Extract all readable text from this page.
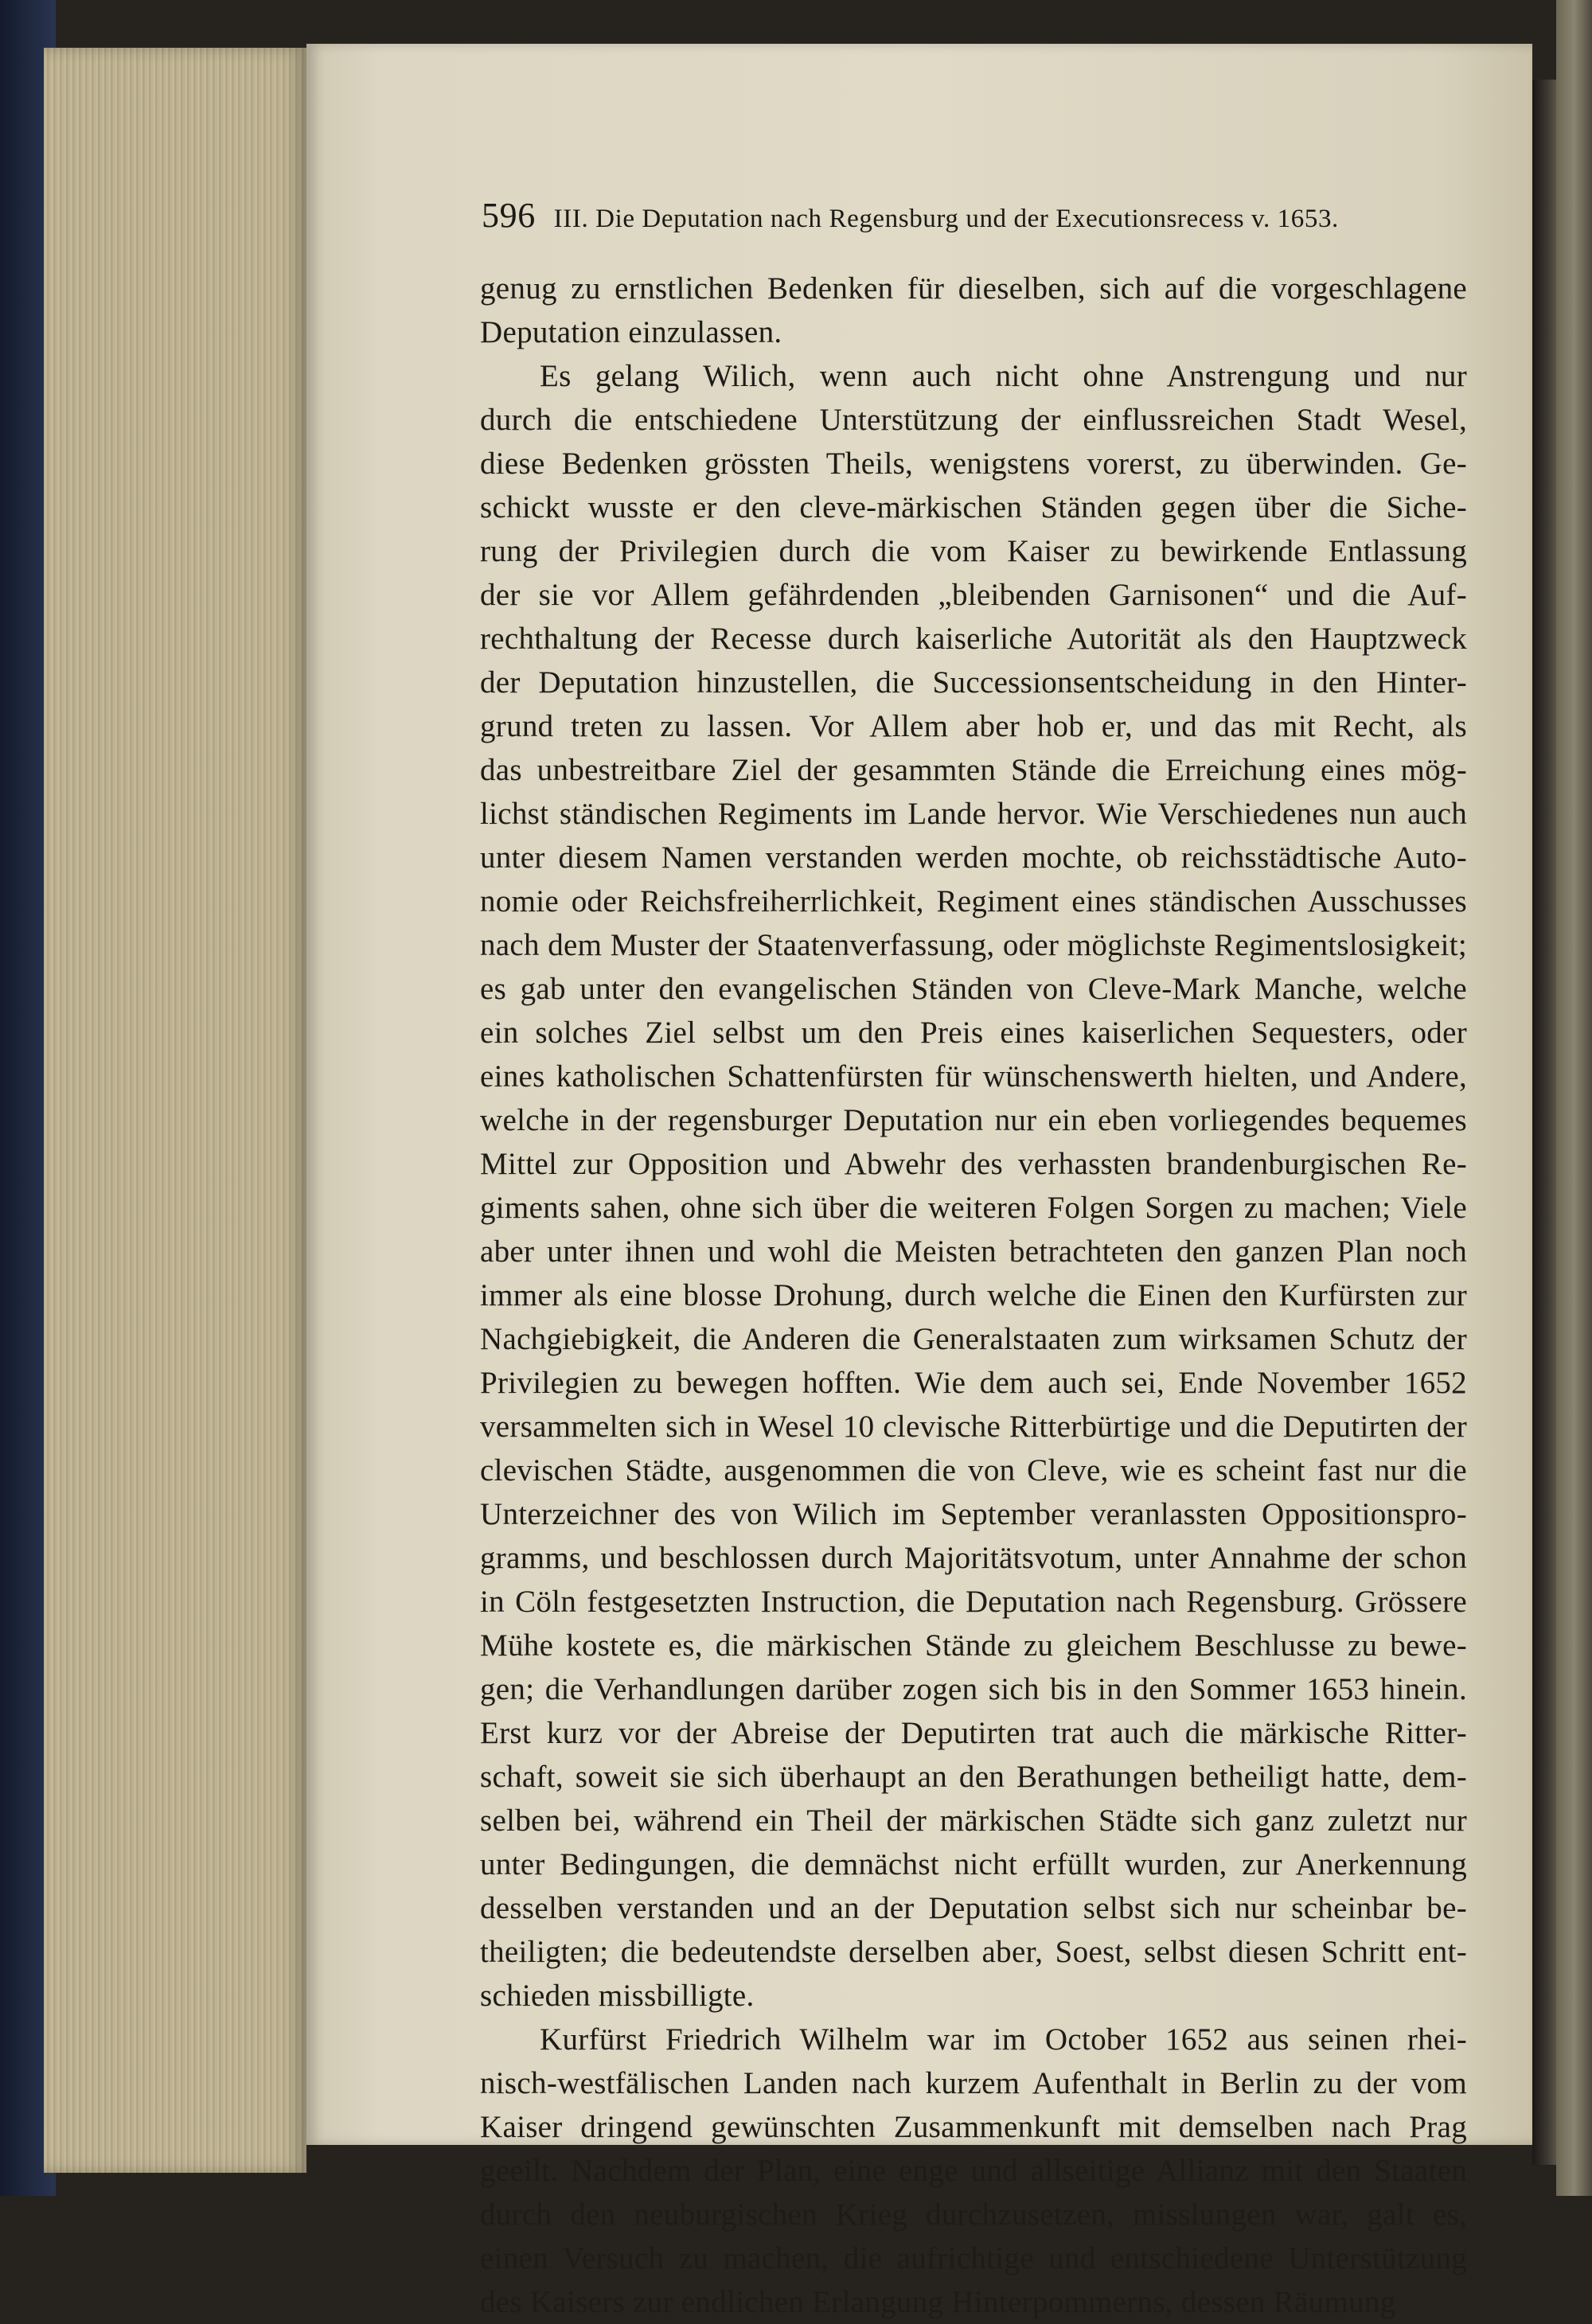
596 III. Die Deputation nach Regensburg und der Executionsrecess v. 1653.
genug zu ernstlichen Bedenken für dieselben, sich auf die vorgeschlagene
Deputation einzulassen.
Es gelang Wilich, wenn auch nicht ohne Anstrengung und nur
durch die entschiedene Unterstützung der einflussreichen Stadt Wesel,
diese Bedenken grössten Theils, wenigstens vorerst, zu überwinden. Ge-
schickt wusste er den cleve-märkischen Ständen gegen über die Siche-
rung der Privilegien durch die vom Kaiser zu bewirkende Entlassung
der sie vor Allem gefährdenden „bleibenden Garnisonen“ und die Auf-
rechthaltung der Recesse durch kaiserliche Autorität als den Hauptzweck
der Deputation hinzustellen, die Successionsentscheidung in den Hinter-
grund treten zu lassen. Vor Allem aber hob er, und das mit Recht, als
das unbestreitbare Ziel der gesammten Stände die Erreichung eines mög-
lichst ständischen Regiments im Lande hervor. Wie Verschiedenes nun auch
unter diesem Namen verstanden werden mochte, ob reichsstädtische Auto-
nomie oder Reichsfreiherrlichkeit, Regiment eines ständischen Ausschusses
nach dem Muster der Staatenverfassung, oder möglichste Regimentslosigkeit;
es gab unter den evangelischen Ständen von Cleve-Mark Manche, welche
ein solches Ziel selbst um den Preis eines kaiserlichen Sequesters, oder
eines katholischen Schattenfürsten für wünschenswerth hielten, und Andere,
welche in der regensburger Deputation nur ein eben vorliegendes bequemes
Mittel zur Opposition und Abwehr des verhassten brandenburgischen Re-
giments sahen, ohne sich über die weiteren Folgen Sorgen zu machen; Viele
aber unter ihnen und wohl die Meisten betrachteten den ganzen Plan noch
immer als eine blosse Drohung, durch welche die Einen den Kurfürsten zur
Nachgiebigkeit, die Anderen die Generalstaaten zum wirksamen Schutz der
Privilegien zu bewegen hofften. Wie dem auch sei, Ende November 1652
versammelten sich in Wesel 10 clevische Ritterbürtige und die Deputirten der
clevischen Städte, ausgenommen die von Cleve, wie es scheint fast nur die
Unterzeichner des von Wilich im September veranlassten Oppositionspro-
gramms, und beschlossen durch Majoritätsvotum, unter Annahme der schon
in Cöln festgesetzten Instruction, die Deputation nach Regensburg. Grössere
Mühe kostete es, die märkischen Stände zu gleichem Beschlusse zu bewe-
gen; die Verhandlungen darüber zogen sich bis in den Sommer 1653 hinein.
Erst kurz vor der Abreise der Deputirten trat auch die märkische Ritter-
schaft, soweit sie sich überhaupt an den Berathungen betheiligt hatte, dem-
selben bei, während ein Theil der märkischen Städte sich ganz zuletzt nur
unter Bedingungen, die demnächst nicht erfüllt wurden, zur Anerkennung
desselben verstanden und an der Deputation selbst sich nur scheinbar be-
theiligten; die bedeutendste derselben aber, Soest, selbst diesen Schritt ent-
schieden missbilligte.
Kurfürst Friedrich Wilhelm war im October 1652 aus seinen rhei-
nisch-westfälischen Landen nach kurzem Aufenthalt in Berlin zu der vom
Kaiser dringend gewünschten Zusammenkunft mit demselben nach Prag
geeilt. Nachdem der Plan, eine enge und allseitige Allianz mit den Staaten
durch den neuburgischen Krieg durchzusetzen, misslungen war, galt es,
einen Versuch zu machen, die aufrichtige und entschiedene Unterstützung
des Kaisers zur endlichen Erlangung Hinterpommerns, dessen Räumung
